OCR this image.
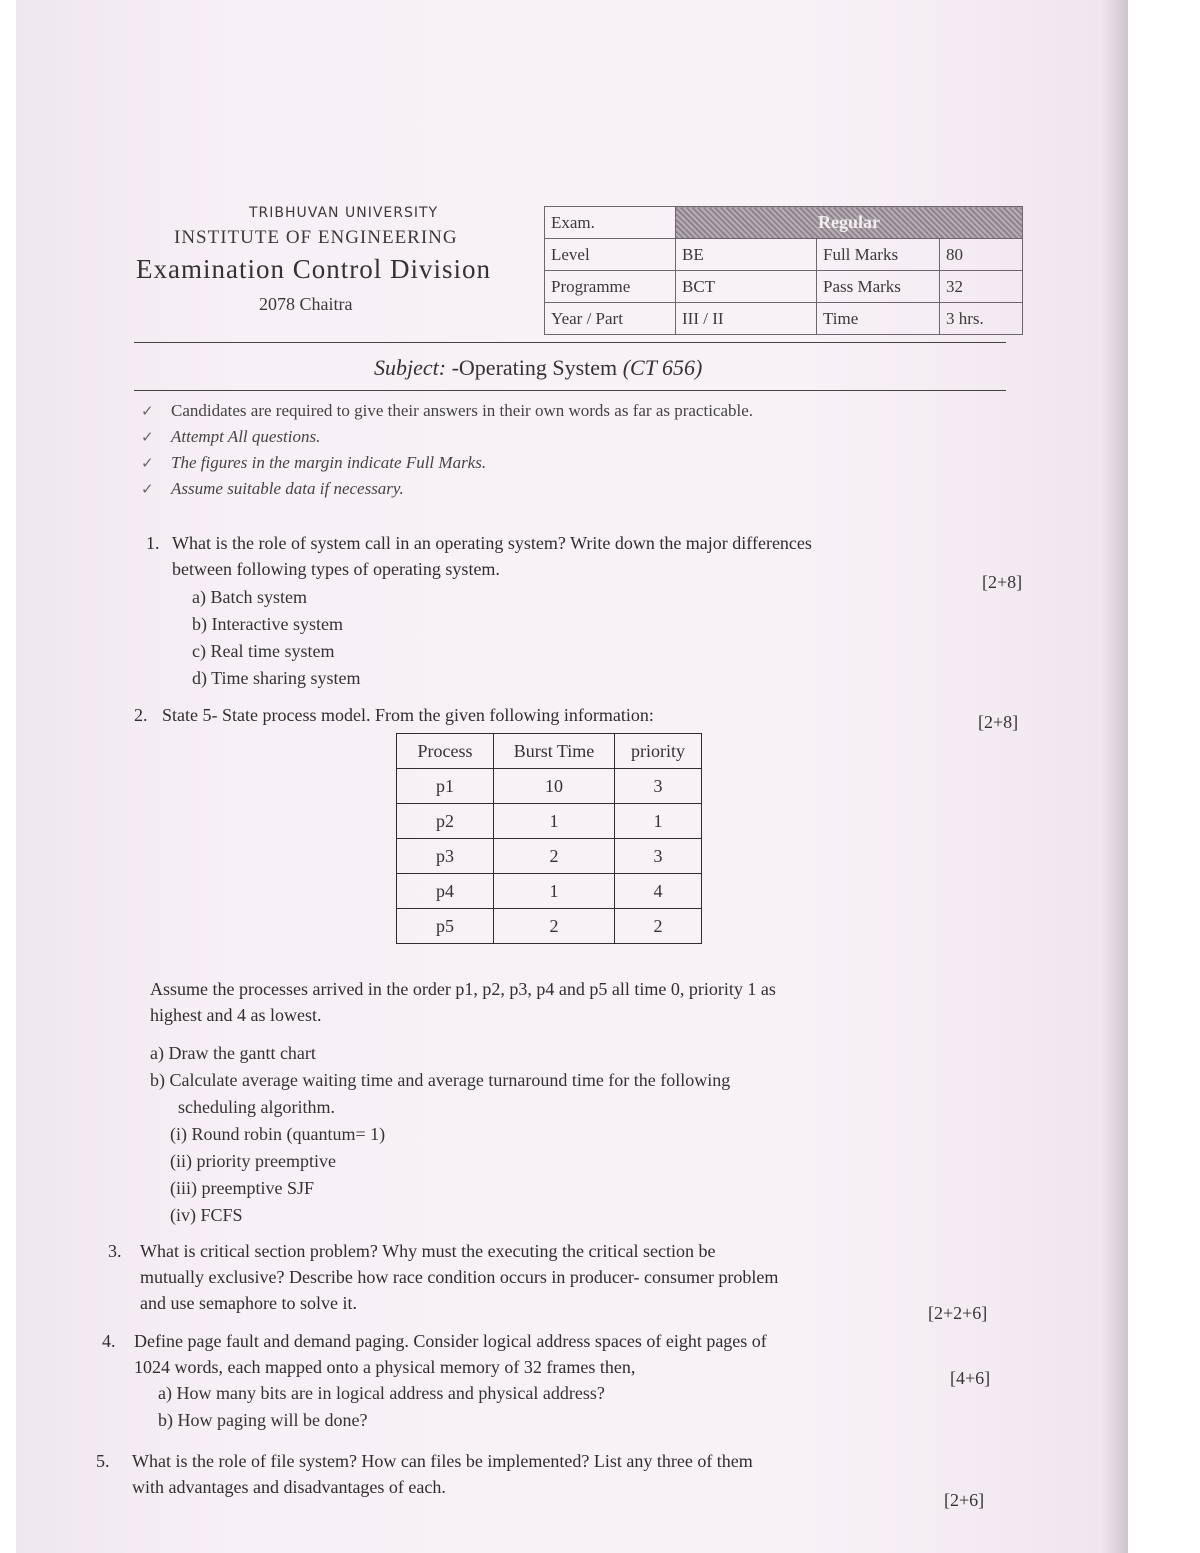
TRIBHUVAN UNIVERSITY
INSTITUTE OF ENGINEERING
Examination Control Division
2078 Chaitra
Exam.	Regular		
Level	BE	Full Marks	80
Programme	BCT	Pass Marks	32
Year / Part	III / II	Time	3 hrs.
Subject: -Operating System (CT 656)
✓	Candidates are required to give their answers in their own words as far as practicable.
✓	Attempt All questions.
✓	The figures in the margin indicate Full Marks.
✓	Assume suitable data if necessary.
1. What is the role of system call in an operating system? Write down the major differences
between following types of operating system.
[2+8]
a) Batch system
b) Interactive system
c) Real time system
d) Time sharing system
2. State 5- State process model. From the given following information:	[2+8]
Process	Burst Time	priority
p1	10	3
p2	1	1
p3	2	3
p4	1	4
p5	2	2
Assume the processes arrived in the order p1, p2, p3, p4 and p5 all time 0, priority 1 as
highest and 4 as lowest.
a) Draw the gantt chart
b) Calculate average waiting time and average turnaround time for the following
scheduling algorithm.
(i) Round robin (quantum= 1)
(ii) priority preemptive
(iii) preemptive SJF
(iv) FCFS
3. What is critical section problem? Why must the executing the critical section be
mutually exclusive? Describe how race condition occurs in producer- consumer problem
and use semaphore to solve it.	[2+2+6]
4. Define page fault and demand paging. Consider logical address spaces of eight pages of
1024 words, each mapped onto a physical memory of 32 frames then,
[4+6]
a) How many bits are in logical address and physical address?
b) How paging will be done?
5. What is the role of file system? How can files be implemented? List any three of them
with advantages and disadvantages of each.
[2+6]
